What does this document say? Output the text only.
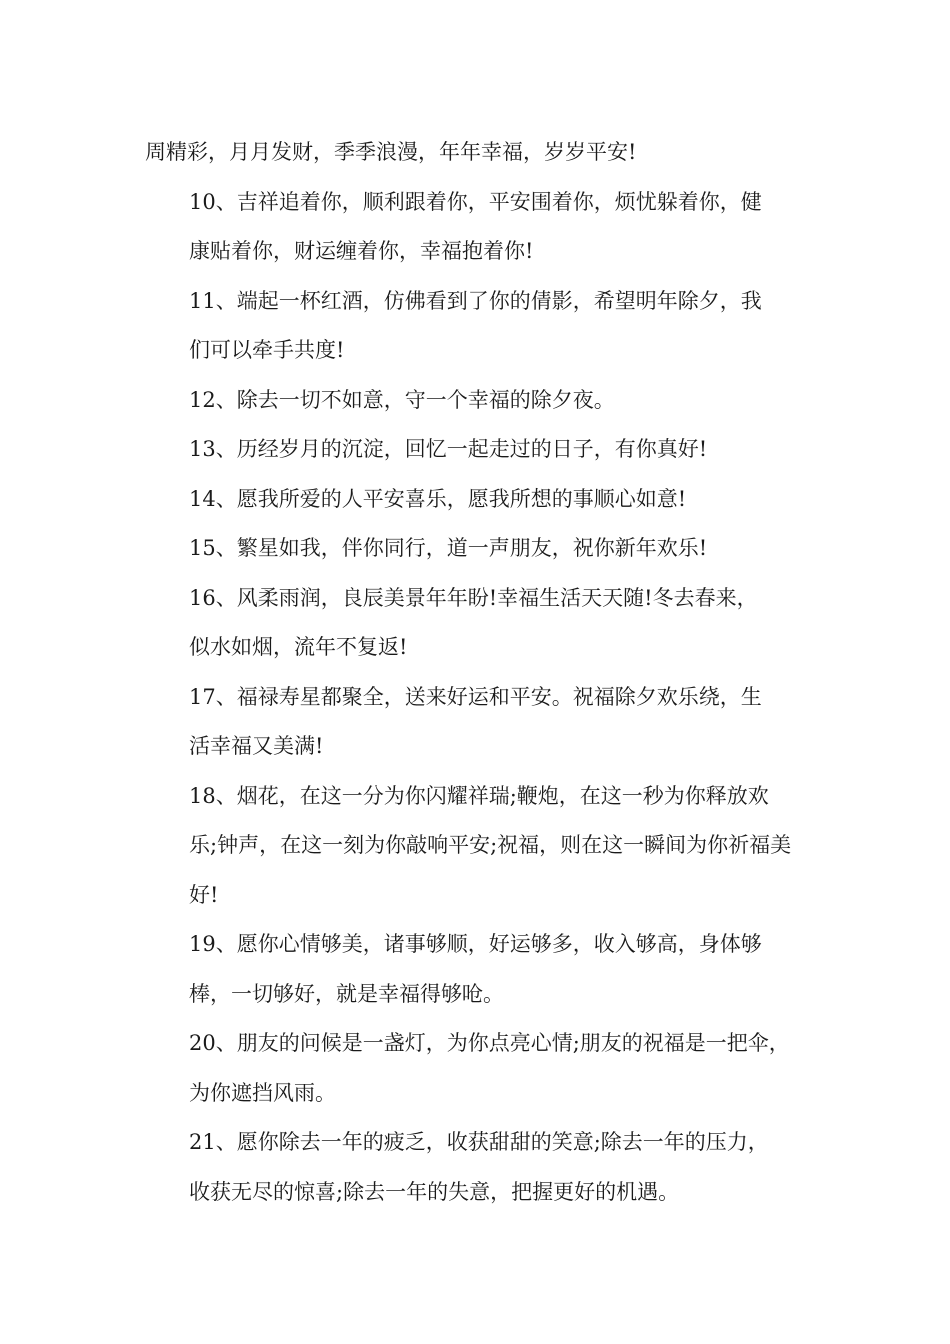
周精彩，月月发财，季季浪漫，年年幸福，岁岁平安!

10、吉祥追着你，顺利跟着你，平安围着你，烦忧躲着你，健
康贴着你，财运缠着你，幸福抱着你!

11、端起一杯红酒，仿佛看到了你的倩影，希望明年除夕，我
们可以牵手共度!

12、除去一切不如意，守一个幸福的除夕夜。

13、历经岁月的沉淀，回忆一起走过的日子，有你真好!

14、愿我所爱的人平安喜乐，愿我所想的事顺心如意!

15、繁星如我，伴你同行，道一声朋友，祝你新年欢乐!

16、风柔雨润，良辰美景年年盼!幸福生活天天随!冬去春来，
似水如烟，流年不复返!

17、福禄寿星都聚全，送来好运和平安。祝福除夕欢乐绕，生
活幸福又美满!

18、烟花，在这一分为你闪耀祥瑞;鞭炮，在这一秒为你释放欢
乐;钟声，在这一刻为你敲响平安;祝福，则在这一瞬间为你祈福美
好!

19、愿你心情够美，诸事够顺，好运够多，收入够高，身体够
棒，一切够好，就是幸福得够呛。

20、朋友的问候是一盏灯，为你点亮心情;朋友的祝福是一把伞，
为你遮挡风雨。

21、愿你除去一年的疲乏，收获甜甜的笑意;除去一年的压力，
收获无尽的惊喜;除去一年的失意，把握更好的机遇。
